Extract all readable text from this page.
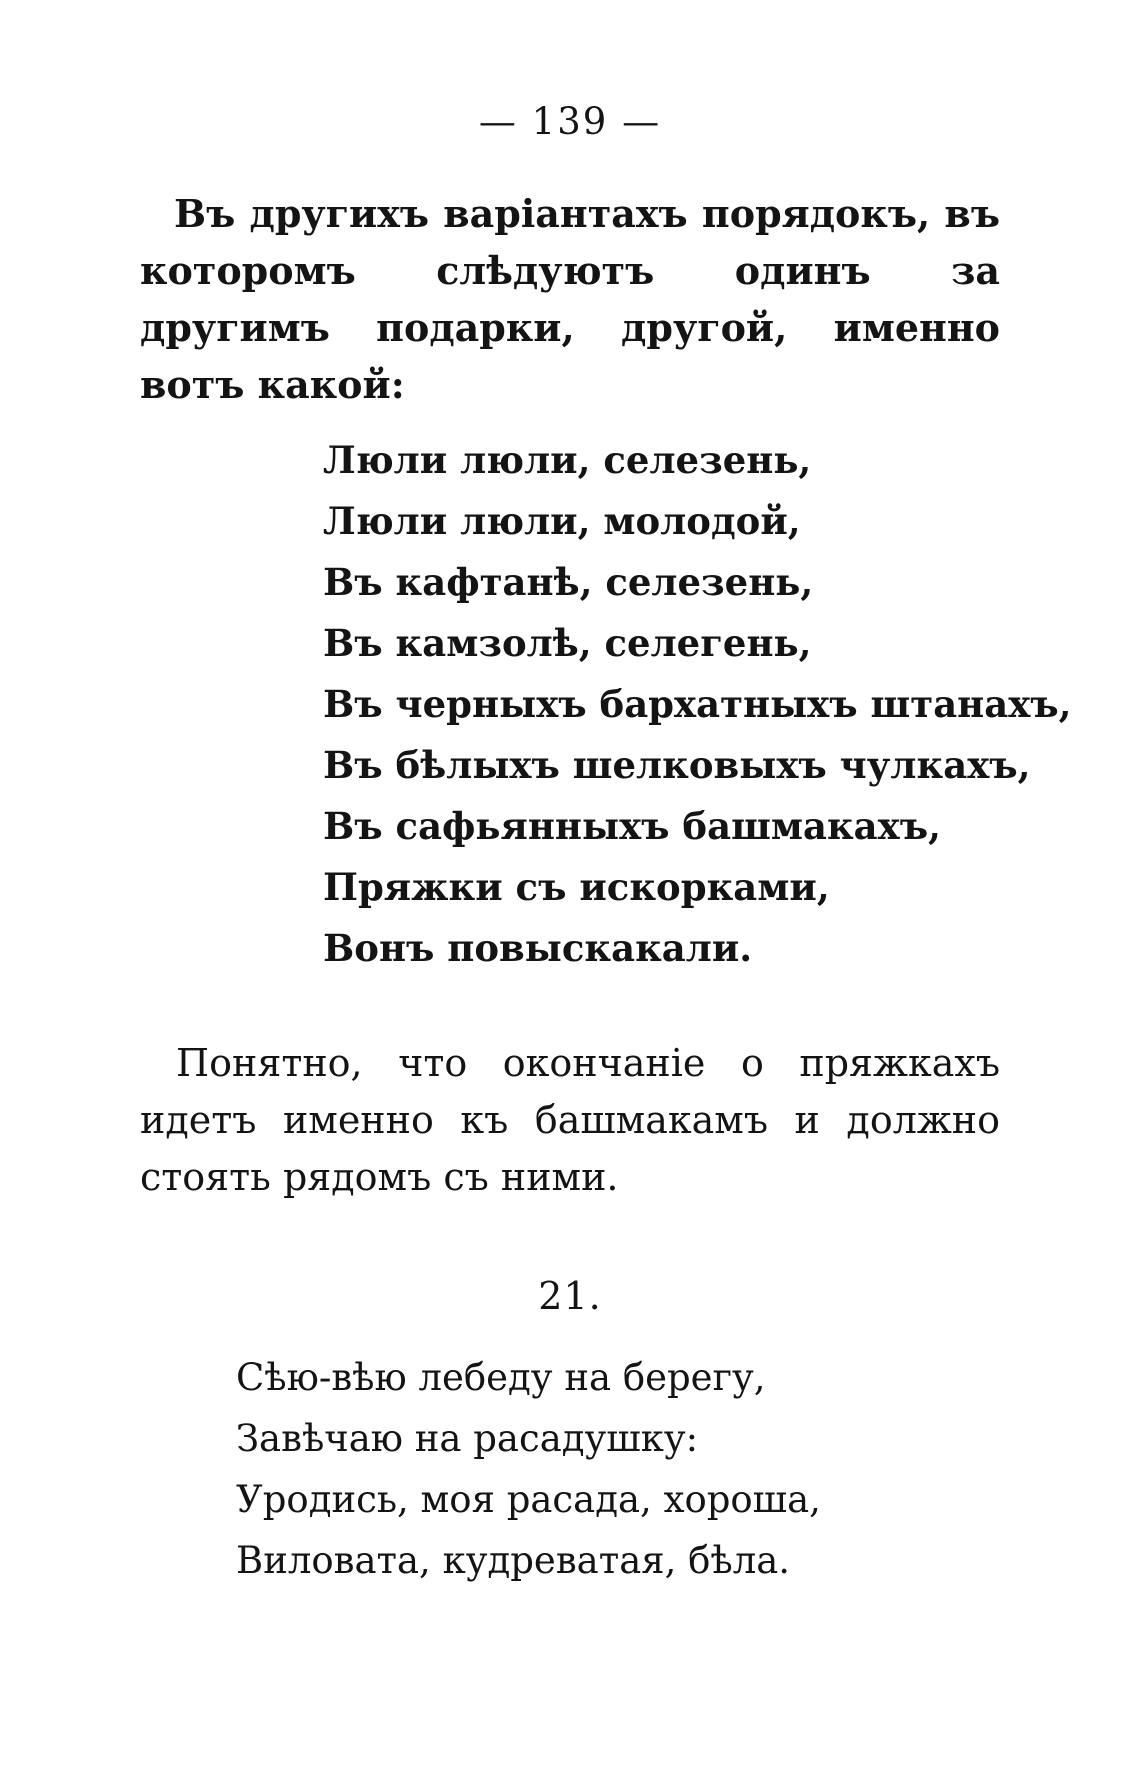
— 139 —

Въ другихъ варіантахъ порядокъ, въ которомъ слѣдуютъ одинъ за другимъ подарки, другой, именно вотъ какой:

Люли люли, селезень,
Люли люли, молодой,
Въ кафтанѣ, селезень,
Въ камзолѣ, селегень,
Въ черныхъ бархатныхъ штанахъ,
Въ бѣлыхъ шелковыхъ чулкахъ,
Въ сафьянныхъ башмакахъ,
Пряжки съ искорками,
Вонъ повыскакали.

Понятно, что окончаніе о пряжкахъ идетъ именно къ башмакамъ и должно стоять рядомъ съ ними.

21.
Сѣю-вѣю лебеду на берегу,
Завѣчаю на расадушку:
Уродись, моя расада, хороша,
Виловата, кудреватая, бѣла.
